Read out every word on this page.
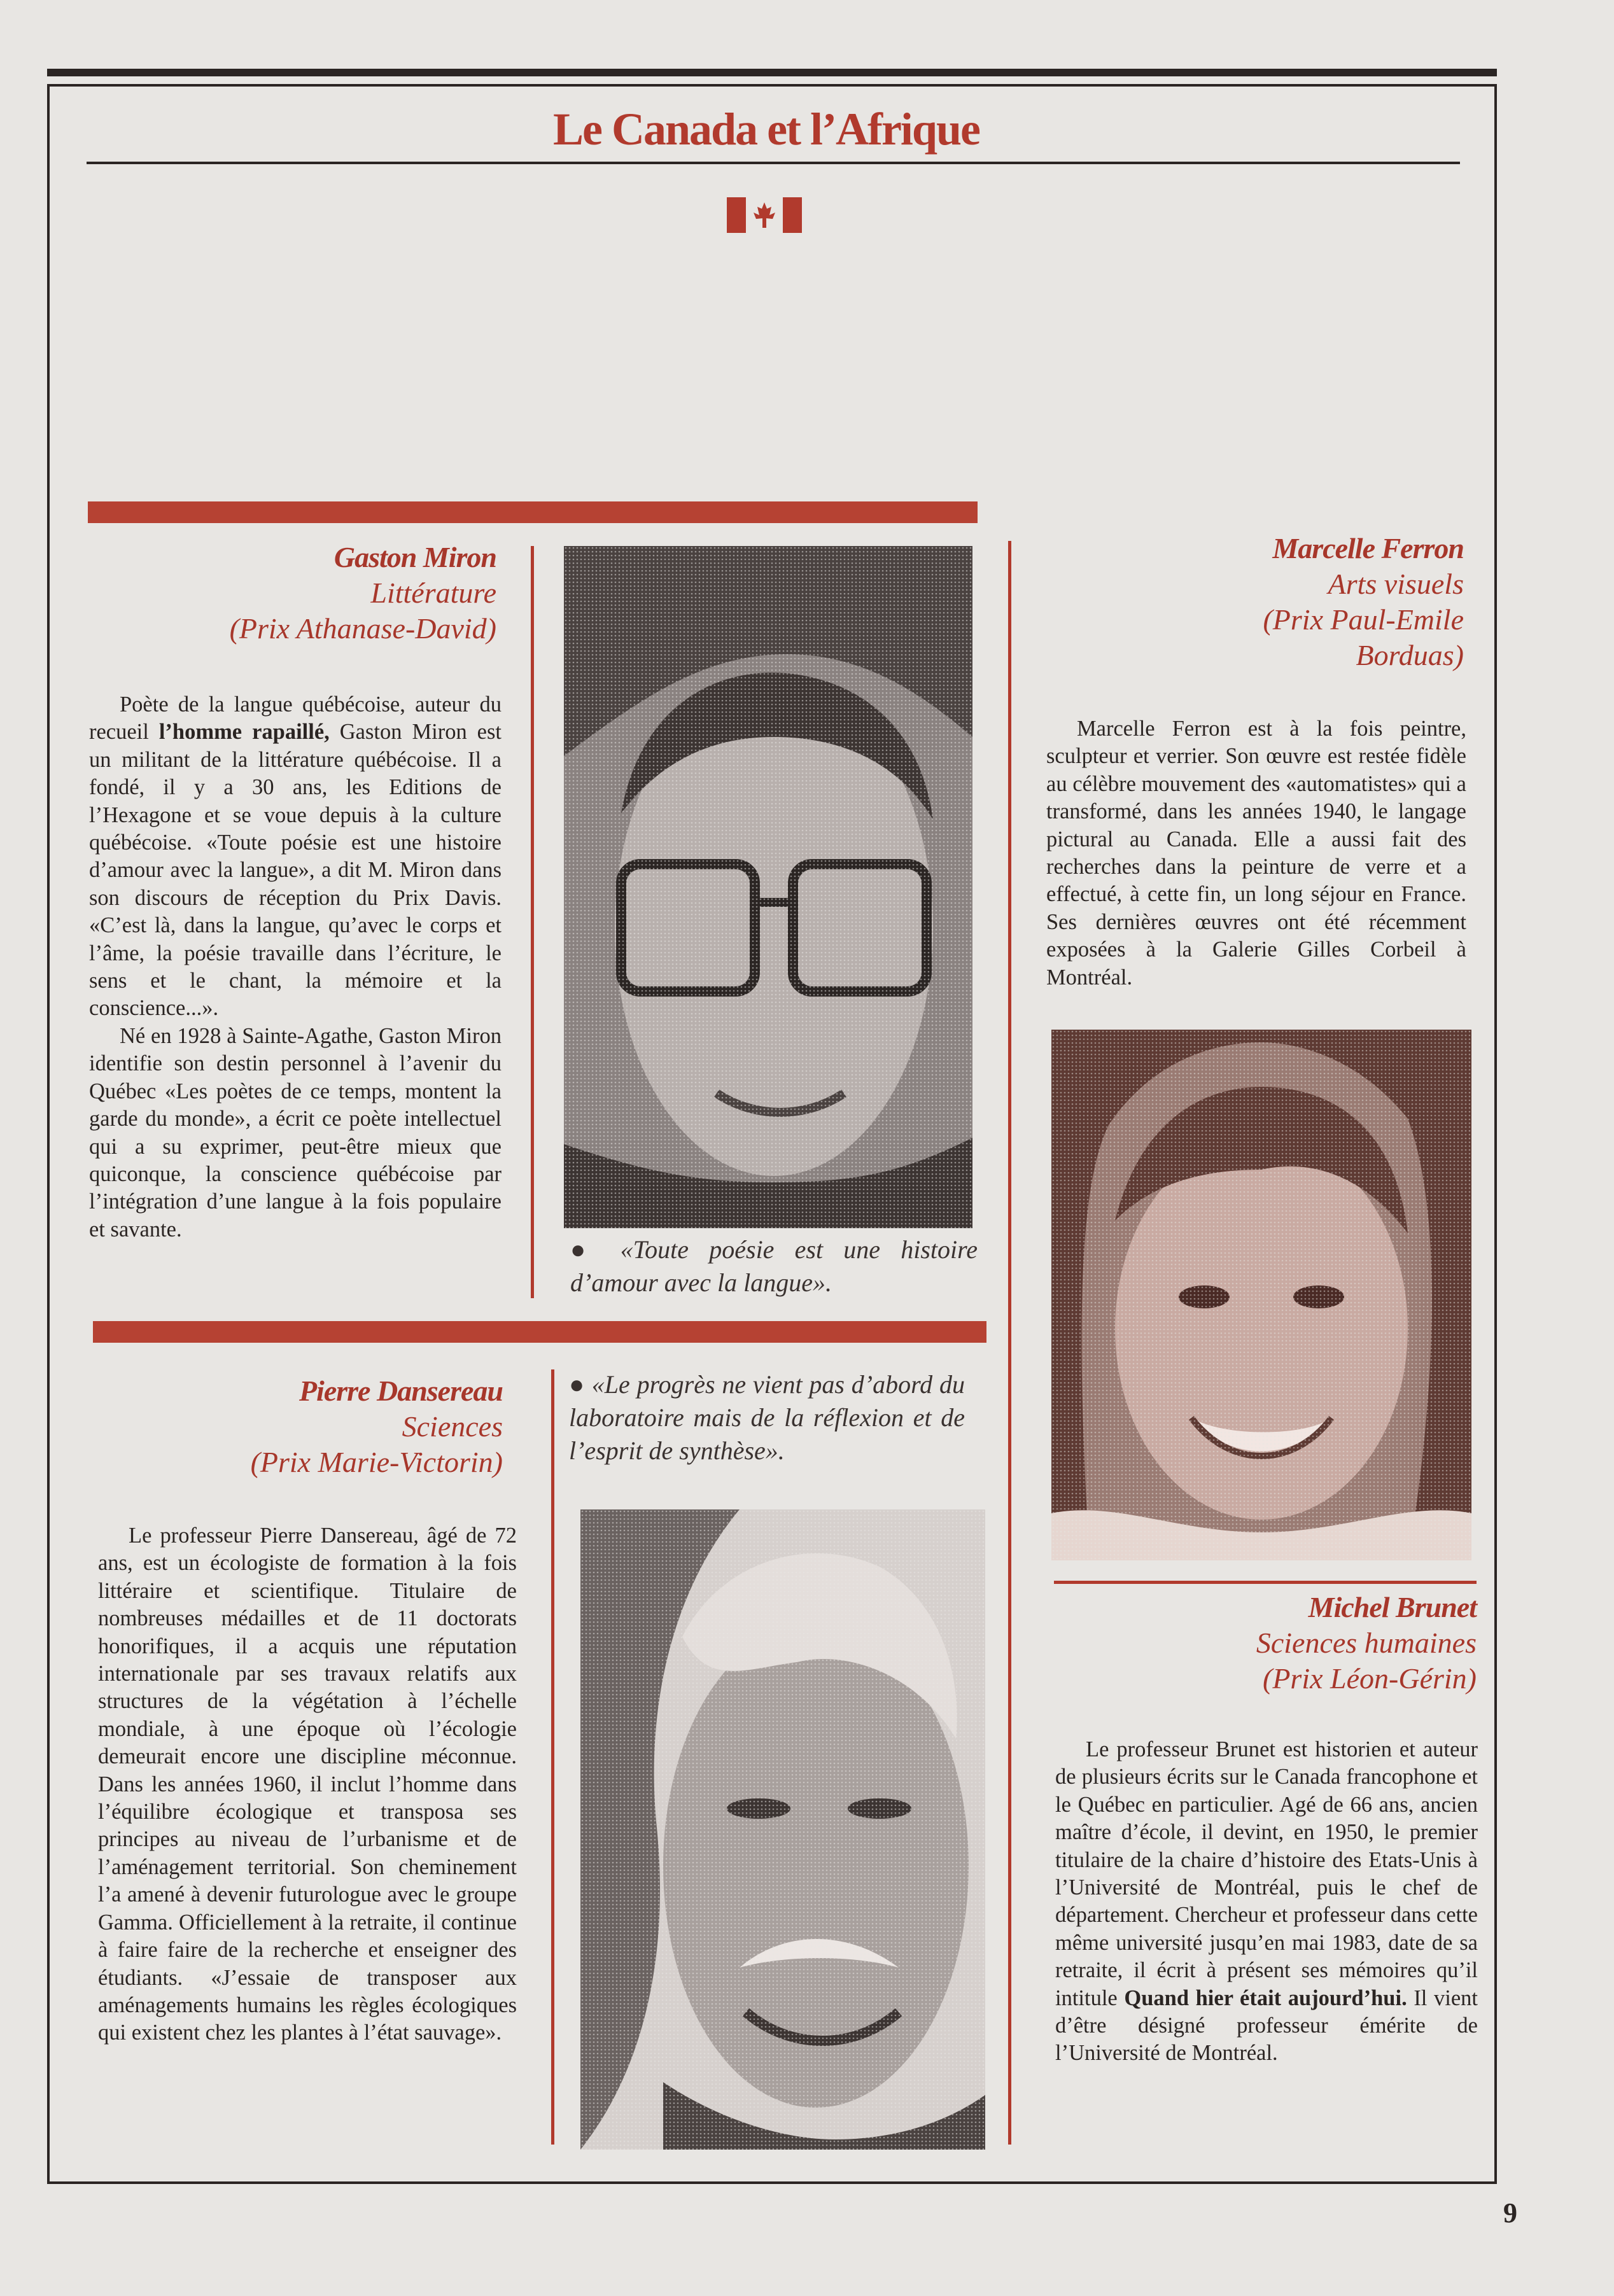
Le Canada et l’Afrique
Gaston Miron
Littérature
(Prix Athanase-David)

Poète de la langue québécoise, auteur du recueil l’homme rapaillé, Gaston Miron est un militant de la littérature québécoise. Il a fondé, il y a 30 ans, les Editions de l’Hexagone et se voue depuis à la culture québécoise. «Toute poésie est une histoire d’amour avec la langue», a dit M. Miron dans son discours de réception du Prix Davis. «C’est là, dans la langue, qu’avec le corps et l’âme, la poésie travaille dans l’écriture, le sens et le chant, la mémoire et la conscience...».

Né en 1928 à Sainte-Agathe, Gaston Miron identifie son destin personnel à l’avenir du Québec «Les poètes de ce temps, montent la garde du monde», a écrit ce poète intellectuel qui a su exprimer, peut-être mieux que quiconque, la conscience québécoise par l’intégration d’une langue à la fois populaire et savante.

● «Toute poésie est une histoire d’amour avec la langue».
Marcelle Ferron
Arts visuels
(Prix Paul-Emile Borduas)

Marcelle Ferron est à la fois peintre, sculpteur et verrier. Son œuvre est restée fidèle au célèbre mouvement des «automatistes» qui a transformé, dans les années 1940, le langage pictural au Canada. Elle a aussi fait des recherches dans la peinture de verre et a effectué, à cette fin, un long séjour en France. Ses dernières œuvres ont été récemment exposées à la Galerie Gilles Corbeil à Montréal.

Pierre Dansereau
Sciences
(Prix Marie-Victorin)

Le professeur Pierre Dansereau, âgé de 72 ans, est un écologiste de formation à la fois littéraire et scientifique. Titulaire de nombreuses médailles et de 11 doctorats honorifiques, il a acquis une réputation internationale par ses travaux relatifs aux structures de la végétation à l’échelle mondiale, à une époque où l’écologie demeurait encore une discipline méconnue. Dans les années 1960, il inclut l’homme dans l’équilibre écologique et transposa ses principes au niveau de l’urbanisme et de l’aménagement territorial. Son cheminement l’a amené à devenir futurologue avec le groupe Gamma. Officiellement à la retraite, il continue à faire faire de la recherche et enseigner des étudiants. «J’essaie de transposer aux aménagements humains les règles écologiques qui existent chez les plantes à l’état sauvage».

● «Le progrès ne vient pas d’abord du laboratoire mais de la réflexion et de l’esprit de synthèse».
Michel Brunet
Sciences humaines
(Prix Léon-Gérin)

Le professeur Brunet est historien et auteur de plusieurs écrits sur le Canada francophone et le Québec en particulier. Agé de 66 ans, ancien maître d’école, il devint, en 1950, le premier titulaire de la chaire d’histoire des Etats-Unis à l’Université de Montréal, puis le chef de département. Chercheur et professeur dans cette même université jusqu’en mai 1983, date de sa retraite, il écrit à présent ses mémoires qu’il intitule Quand hier était aujourd’hui. Il vient d’être désigné professeur émérite de l’Université de Montréal.

9
